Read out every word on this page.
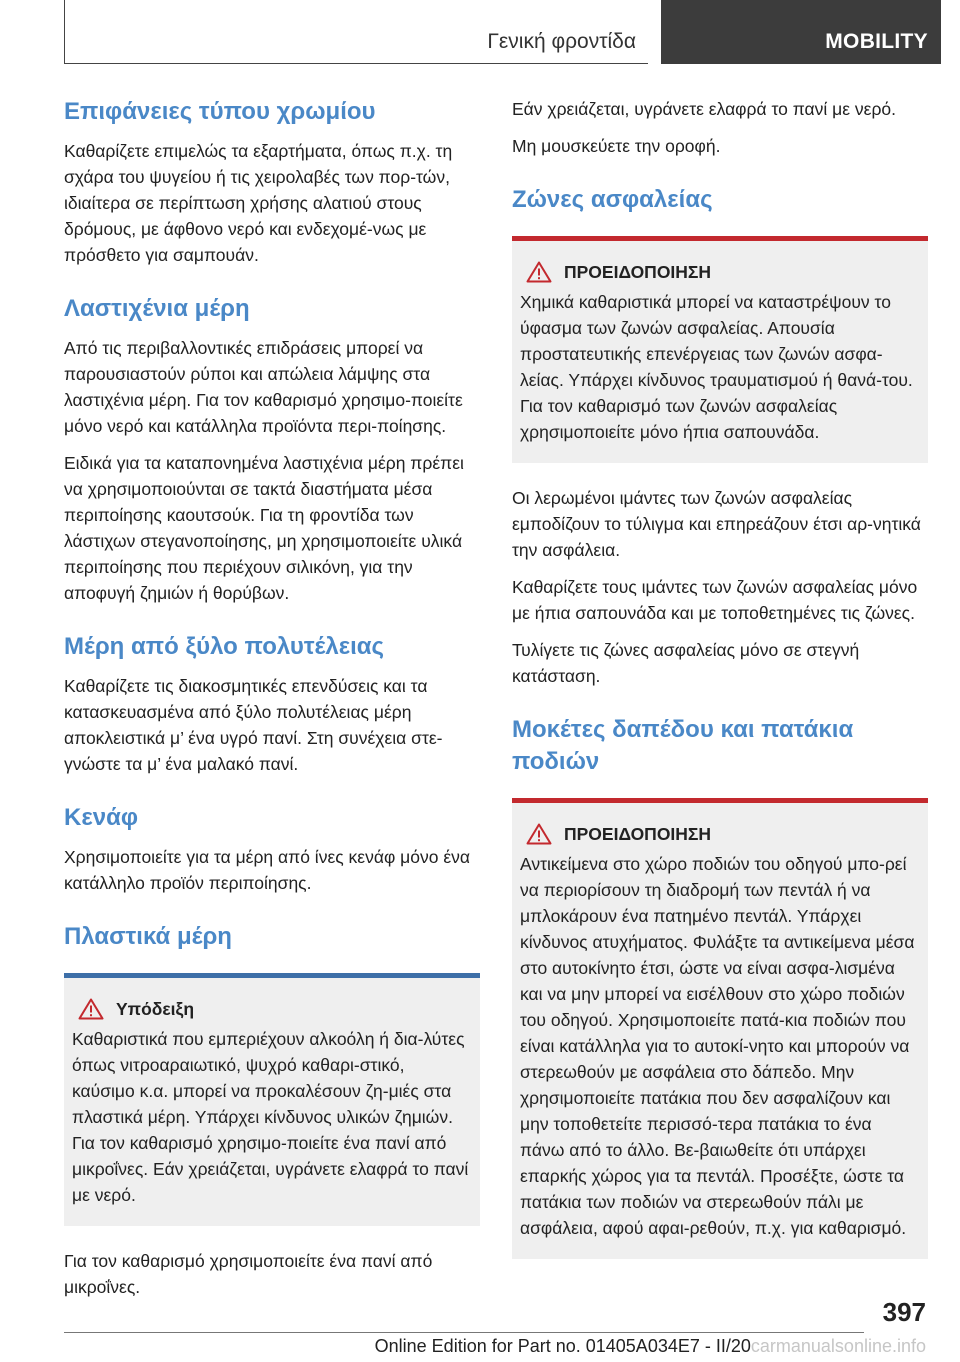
Γενική φροντίδα	MOBILITY
Επιφάνειες τύπου χρωμίου

Καθαρίζετε επιμελώς τα εξαρτήματα, όπως π.χ. τη σχάρα του ψυγείου ή τις χειρολαβές των πορ-τών, ιδιαίτερα σε περίπτωση χρήσης αλατιού στους δρόμους, με άφθονο νερό και ενδεχομέ-νως με πρόσθετο για σαμπουάν.

Λαστιχένια μέρη

Από τις περιβαλλοντικές επιδράσεις μπορεί να παρουσιαστούν ρύποι και απώλεια λάμψης στα λαστιχένια μέρη. Για τον καθαρισμό χρησιμο-ποιείτε μόνο νερό και κατάλληλα προϊόντα περι-ποίησης.

Ειδικά για τα καταπονημένα λαστιχένια μέρη πρέπει να χρησιμοποιούνται σε τακτά διαστήματα μέσα περιποίησης καουτσούκ. Για τη φροντίδα των λάστιχων στεγανοποίησης, μη χρησιμοποιείτε υλικά περιποίησης που περιέχουν σιλικόνη, για την αποφυγή ζημιών ή θορύβων.

Μέρη από ξύλο πολυτέλειας

Καθαρίζετε τις διακοσμητικές επενδύσεις και τα κατασκευασμένα από ξύλο πολυτέλειας μέρη αποκλειστικά μ’ ένα υγρό πανί. Στη συνέχεια στε-γνώστε τα μ’ ένα μαλακό πανί.

Κενάφ

Χρησιμοποιείτε για τα μέρη από ίνες κενάφ μόνο ένα κατάλληλο προϊόν περιποίησης.

Πλαστικά μέρη
Υπόδειξη

Καθαριστικά που εμπεριέχουν αλκοόλη ή δια-λύτες όπως νιτροαραιωτικό, ψυχρό καθαρι-στικό, καύσιμο κ.α. μπορεί να προκαλέσουν ζη-μιές στα πλαστικά μέρη. Υπάρχει κίνδυνος υλικών ζημιών. Για τον καθαρισμό χρησιμο-ποιείτε ένα πανί από μικροΐνες. Εάν χρειάζεται, υγράνετε ελαφρά το πανί με νερό.

Για τον καθαρισμό χρησιμοποιείτε ένα πανί από μικροΐνες.

Εάν χρειάζεται, υγράνετε ελαφρά το πανί με νερό.

Μη μουσκεύετε την οροφή.

Ζώνες ασφαλείας
ΠΡΟΕΙΔΟΠΟΙΗΣΗ

Χημικά καθαριστικά μπορεί να καταστρέψουν το ύφασμα των ζωνών ασφαλείας. Απουσία προστατευτικής επενέργειας των ζωνών ασφα-λείας. Υπάρχει κίνδυνος τραυματισμού ή θανά-του. Για τον καθαρισμό των ζωνών ασφαλείας χρησιμοποιείτε μόνο ήπια σαπουνάδα.

Οι λερωμένοι ιμάντες των ζωνών ασφαλείας εμποδίζουν το τύλιγμα και επηρεάζουν έτσι αρ-νητικά την ασφάλεια.

Καθαρίζετε τους ιμάντες των ζωνών ασφαλείας μόνο με ήπια σαπουνάδα και με τοποθετημένες τις ζώνες.

Τυλίγετε τις ζώνες ασφαλείας μόνο σε στεγνή κατάσταση.

Μοκέτες δαπέδου και πατάκια ποδιών
ΠΡΟΕΙΔΟΠΟΙΗΣΗ

Αντικείμενα στο χώρο ποδιών του οδηγού μπο-ρεί να περιορίσουν τη διαδρομή των πεντάλ ή να μπλοκάρουν ένα πατημένο πεντάλ. Υπάρχει κίνδυνος ατυχήματος. Φυλάξτε τα αντικείμενα μέσα στο αυτοκίνητο έτσι, ώστε να είναι ασφα-λισμένα και να μην μπορεί να εισέλθουν στο χώρο ποδιών του οδηγού. Χρησιμοποιείτε πατά-κια ποδιών που είναι κατάλληλα για το αυτοκί-νητο και μπορούν να στερεωθούν με ασφάλεια στο δάπεδο. Μην χρησιμοποιείτε πατάκια που δεν ασφαλίζουν και μην τοποθετείτε περισσό-τερα πατάκια το ένα πάνω από το άλλο. Βε-βαιωθείτε ότι υπάρχει επαρκής χώρος για τα πεντάλ. Προσέξτε, ώστε τα πατάκια των ποδιών να στερεωθούν πάλι με ασφάλεια, αφού αφαι-ρεθούν, π.χ. για καθαρισμό.

397
Online Edition for Part no. 01405A034E7 - II/20carmanualsonline.info
